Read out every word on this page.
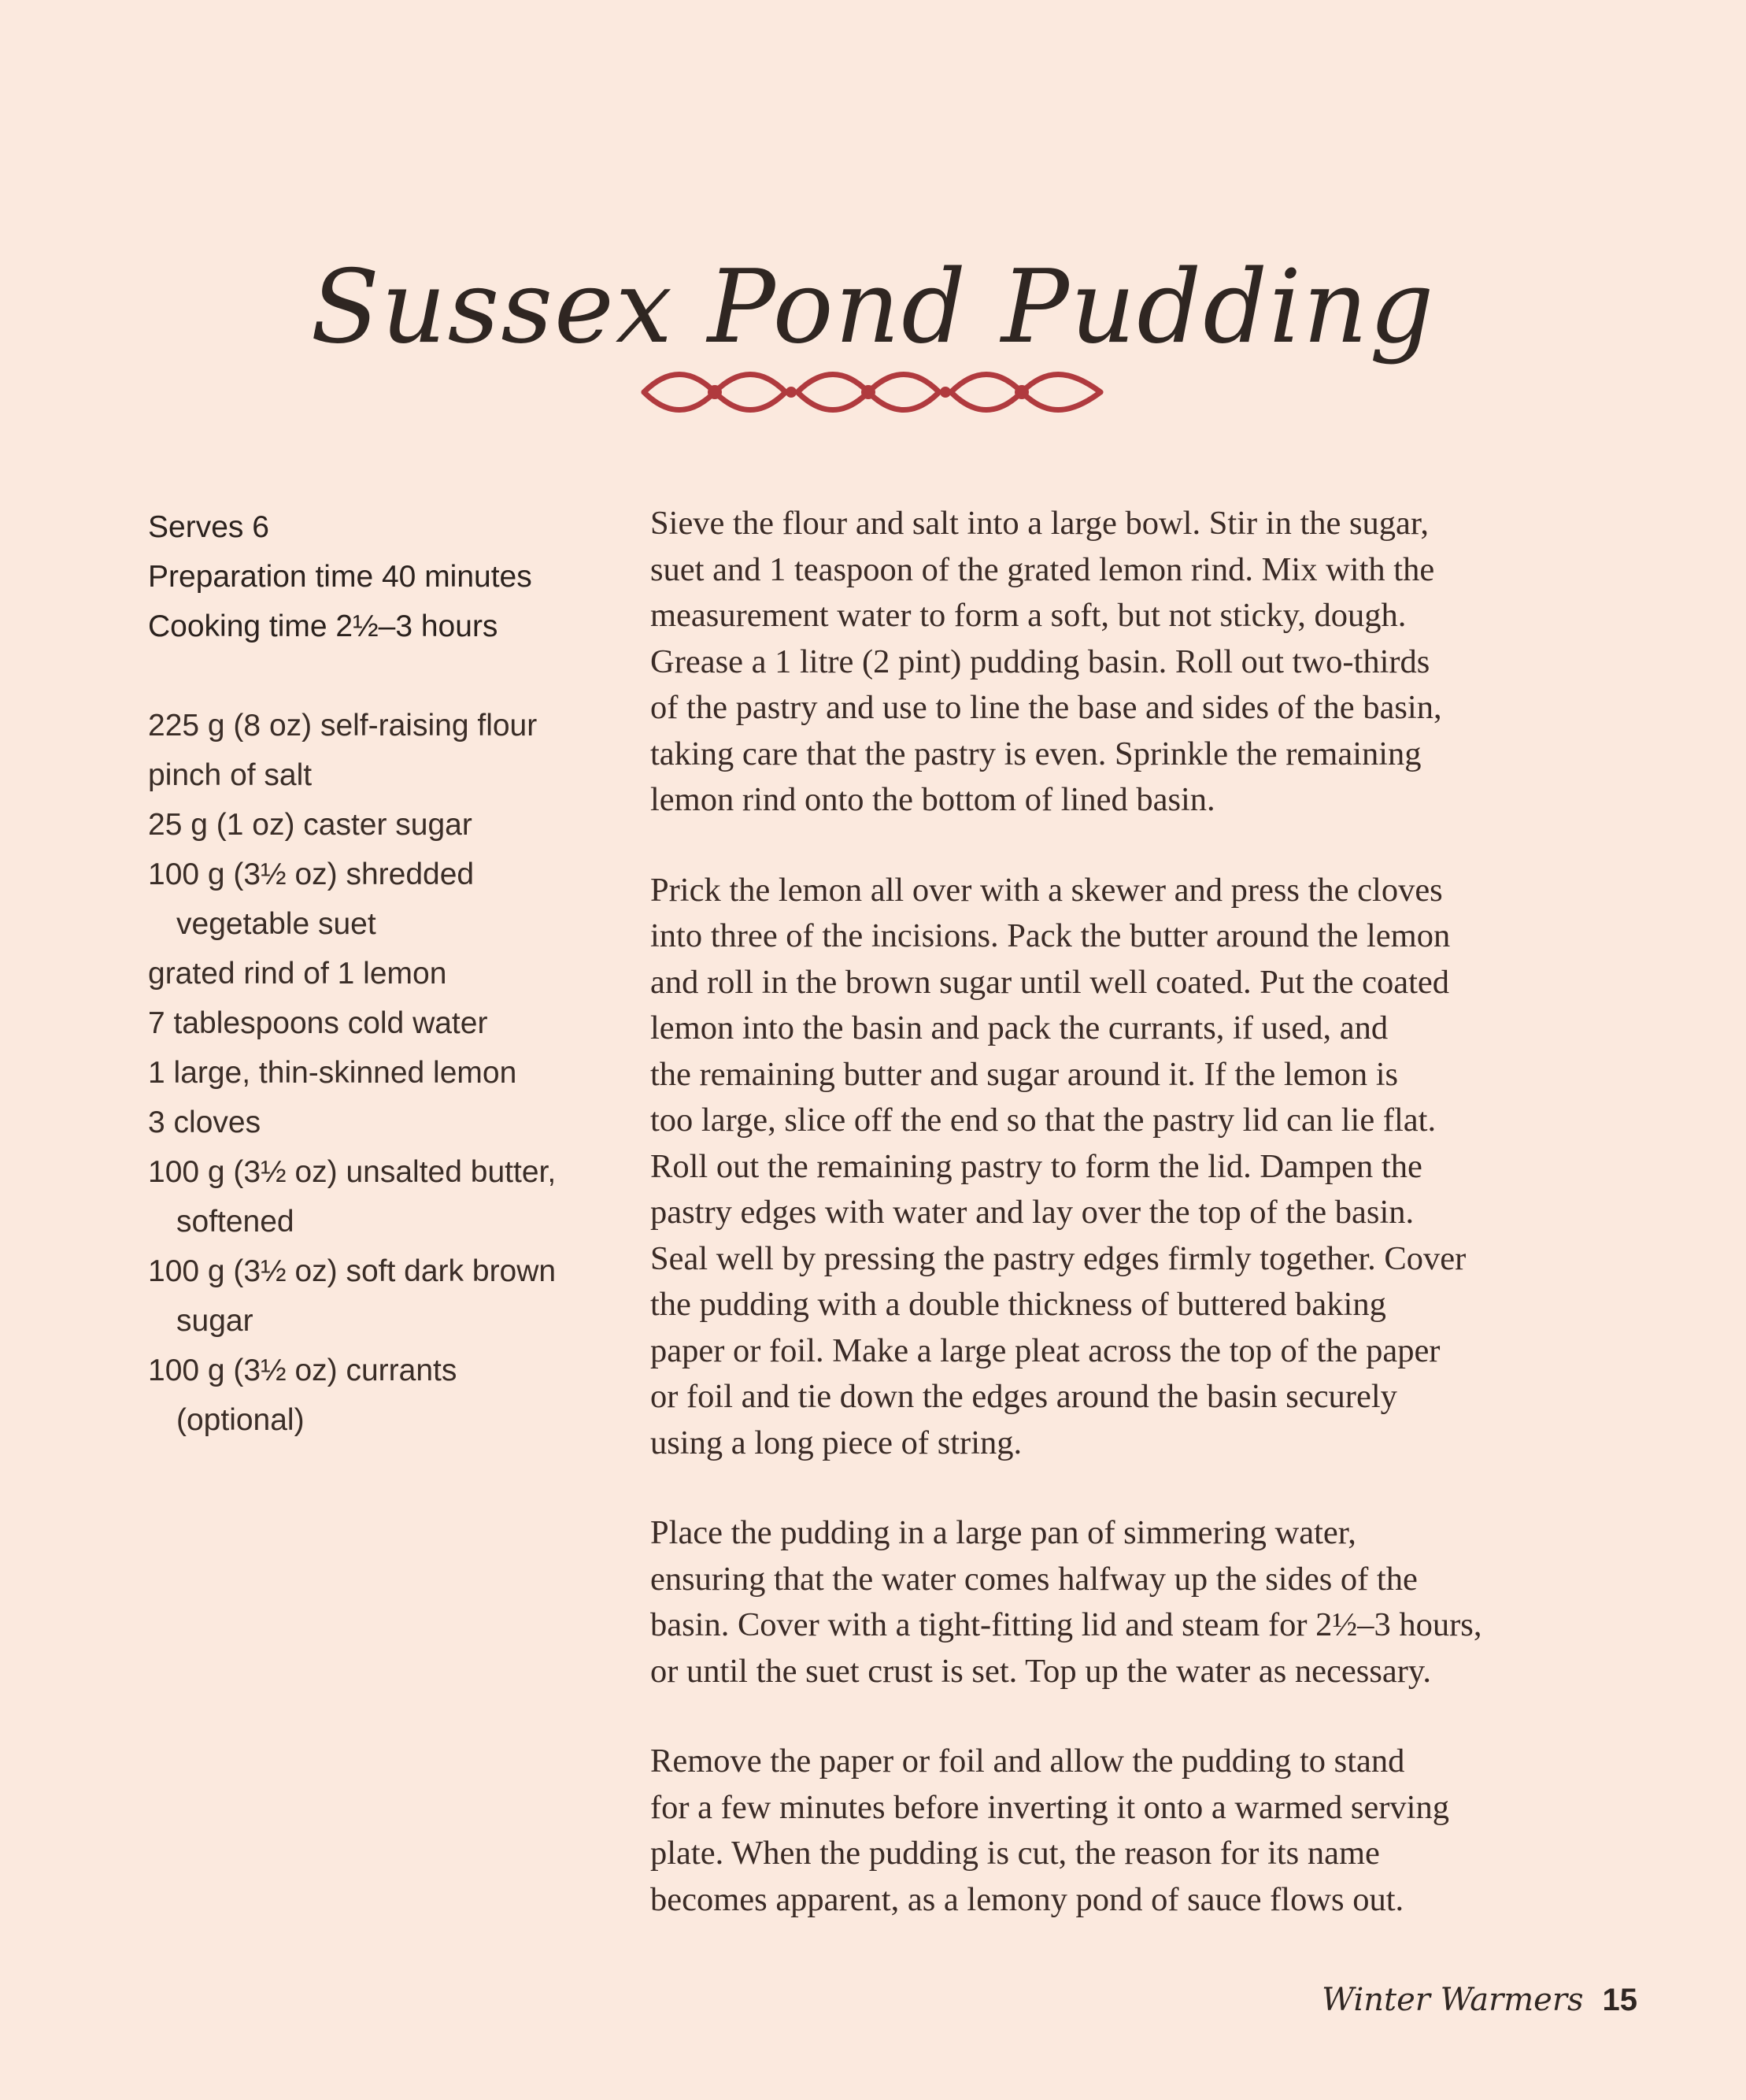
Sussex Pond Pudding
Serves 6
Preparation time 40 minutes
Cooking time 2½–3 hours
225 g (8 oz) self-raising flour
pinch of salt
25 g (1 oz) caster sugar
100 g (3½ oz) shredded
vegetable suet
grated rind of 1 lemon
7 tablespoons cold water
1 large, thin-skinned lemon
3 cloves
100 g (3½ oz) unsalted butter,
softened
100 g (3½ oz) soft dark brown
sugar
100 g (3½ oz) currants
(optional)

Sieve the flour and salt into a large bowl. Stir in the sugar,
suet and 1 teaspoon of the grated lemon rind. Mix with the
measurement water to form a soft, but not sticky, dough.
Grease a 1 litre (2 pint) pudding basin. Roll out two-thirds
of the pastry and use to line the base and sides of the basin,
taking care that the pastry is even. Sprinkle the remaining
lemon rind onto the bottom of lined basin.

Prick the lemon all over with a skewer and press the cloves
into three of the incisions. Pack the butter around the lemon
and roll in the brown sugar until well coated. Put the coated
lemon into the basin and pack the currants, if used, and
the remaining butter and sugar around it. If the lemon is
too large, slice off the end so that the pastry lid can lie flat.
Roll out the remaining pastry to form the lid. Dampen the
pastry edges with water and lay over the top of the basin.
Seal well by pressing the pastry edges firmly together. Cover
the pudding with a double thickness of buttered baking
paper or foil. Make a large pleat across the top of the paper
or foil and tie down the edges around the basin securely
using a long piece of string.

Place the pudding in a large pan of simmering water,
ensuring that the water comes halfway up the sides of the
basin. Cover with a tight-fitting lid and steam for 2½–3 hours,
or until the suet crust is set. Top up the water as necessary.

Remove the paper or foil and allow the pudding to stand
for a few minutes before inverting it onto a warmed serving
plate. When the pudding is cut, the reason for its name
becomes apparent, as a lemony pond of sauce flows out.

Winter Warmers 15
